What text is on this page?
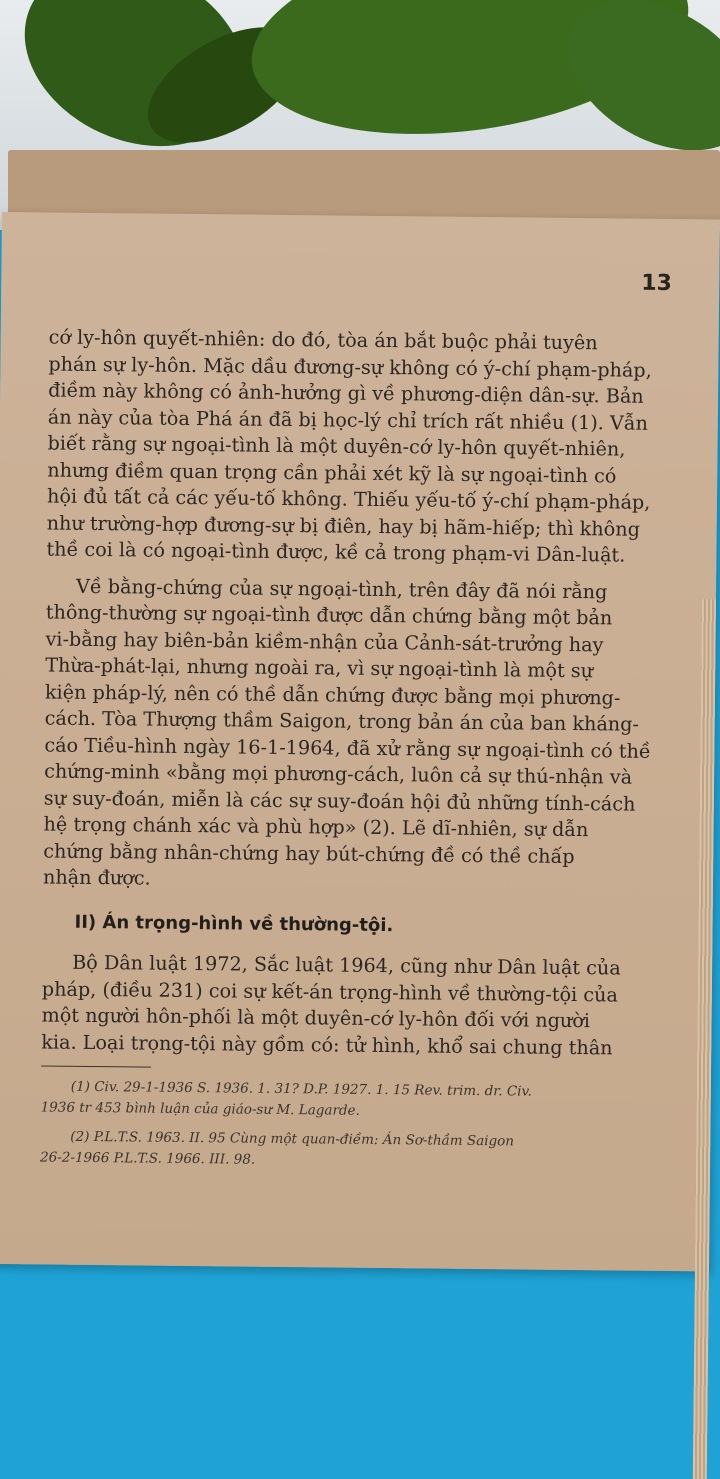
13
cớ ly-hôn quyết-nhiên: do đó, tòa án bắt buộc phải tuyên
phán sự ly-hôn. Mặc dầu đương-sự không có ý-chí phạm-pháp,
điềm này không có ảnh-hưởng gì về phương-diện dân-sự. Bản
án này của tòa Phá án đã bị học-lý chỉ trích rất nhiều (1). Vẫn
biết rằng sự ngoại-tình là một duyên-cớ ly-hôn quyết-nhiên,
nhưng điềm quan trọng cần phải xét kỹ là sự ngoại-tình có
hội đủ tất cả các yếu-tố không. Thiếu yếu-tố ý-chí phạm-pháp,
như trường-hợp đương-sự bị điên, hay bị hãm-hiếp; thì không
thề coi là có ngoại-tình được, kề cả trong phạm-vi Dân-luật.
Về bằng-chứng của sự ngoại-tình, trên đây đã nói rằng
thông-thường sự ngoại-tình được dẫn chứng bằng một bản
vi-bằng hay biên-bản kiềm-nhận của Cảnh-sát-trưởng hay
Thừa-phát-lại, nhưng ngoài ra, vì sự ngoại-tình là một sự
kiện pháp-lý, nên có thề dẫn chứng được bằng mọi phương-
cách. Tòa Thượng thầm Saigon, trong bản án của ban kháng-
cáo Tiều-hình ngày 16-1-1964, đã xử rằng sự ngoại-tình có thề
chứng-minh «bằng mọi phương-cách, luôn cả sự thú-nhận và
sự suy-đoán, miễn là các sự suy-đoán hội đủ những tính-cách
hệ trọng chánh xác và phù hợp» (2). Lẽ dĩ-nhiên, sự dẫn
chứng bằng nhân-chứng hay bút-chứng đề có thề chấp
nhận được.
II) Án trọng-hình về thường-tội.
Bộ Dân luật 1972, Sắc luật 1964, cũng như Dân luật của
pháp, (điều 231) coi sự kết-án trọng-hình về thường-tội của
một người hôn-phối là một duyên-cớ ly-hôn đối với người
kia. Loại trọng-tội này gồm có: tử hình, khổ sai chung thân
(1) Civ. 29-1-1936 S. 1936. 1. 31? D.P. 1927. 1. 15 Rev. trim. dr. Civ.
1936 tr 453 bình luận của giáo-sư M. Lagarde.
(2) P.L.T.S. 1963. II. 95 Cùng một quan-điềm: Án Sơ-thầm Saigon
26-2-1966 P.L.T.S. 1966. III. 98.
